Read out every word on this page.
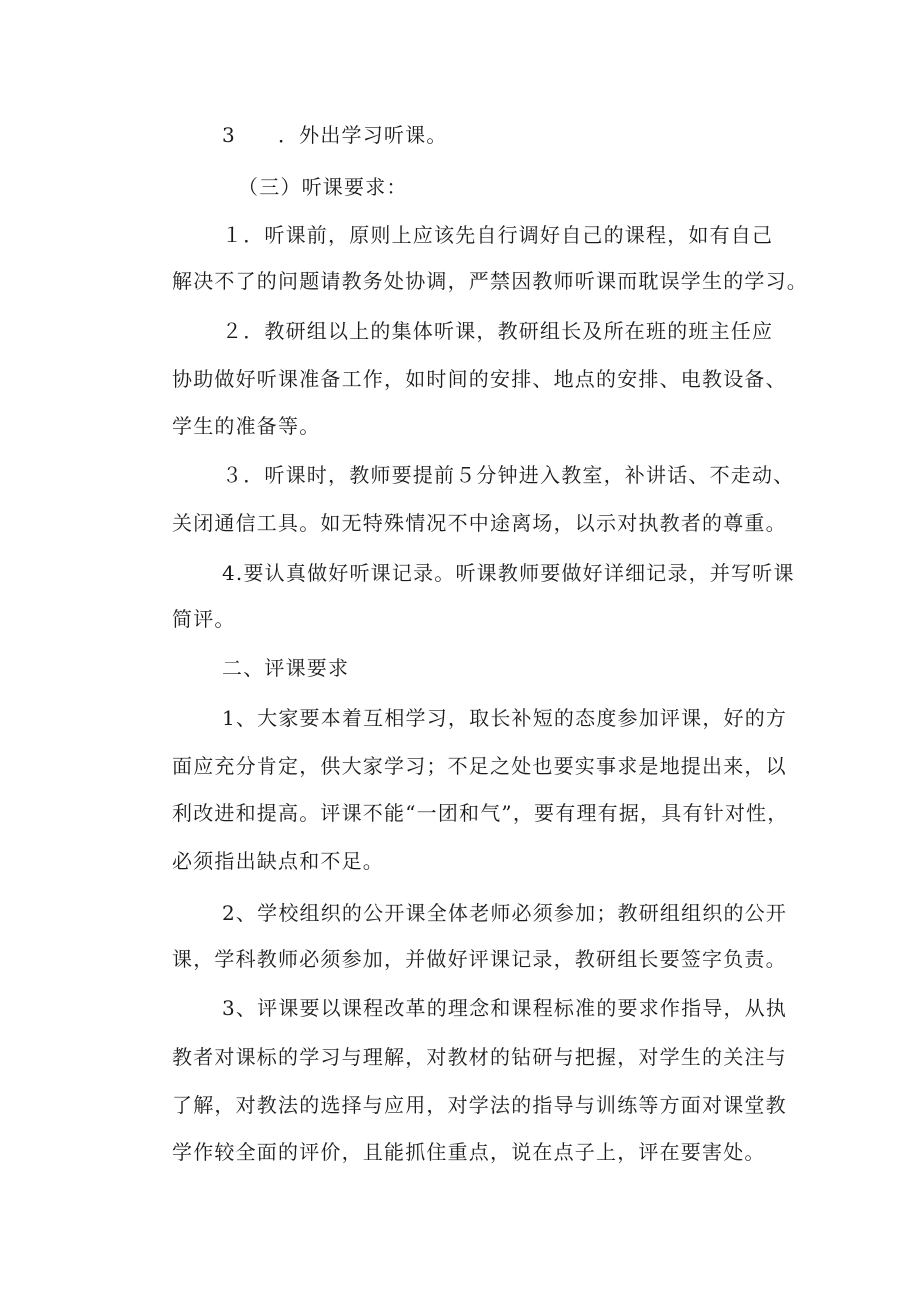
3 ．外出学习听课。
（三）听课要求：
１．听课前，原则上应该先自行调好自己的课程，如有自己
解决不了的问题请教务处协调，严禁因教师听课而耽误学生的学习。
２．教研组以上的集体听课，教研组长及所在班的班主任应
协助做好听课准备工作，如时间的安排、地点的安排、电教设备、
学生的准备等。
３．听课时，教师要提前５分钟进入教室，补讲话、不走动、
关闭通信工具。如无特殊情况不中途离场，以示对执教者的尊重。
4.要认真做好听课记录。听课教师要做好详细记录，并写听课
简评。
二、评课要求
1、大家要本着互相学习，取长补短的态度参加评课，好的方
面应充分肯定，供大家学习；不足之处也要实事求是地提出来，以
利改进和提高。评课不能“一团和气”，要有理有据，具有针对性，
必须指出缺点和不足。
2、学校组织的公开课全体老师必须参加；教研组组织的公开
课，学科教师必须参加，并做好评课记录，教研组长要签字负责。
3、评课要以课程改革的理念和课程标准的要求作指导，从执
教者对课标的学习与理解，对教材的钻研与把握，对学生的关注与
了解，对教法的选择与应用，对学法的指导与训练等方面对课堂教
学作较全面的评价，且能抓住重点，说在点子上，评在要害处。
